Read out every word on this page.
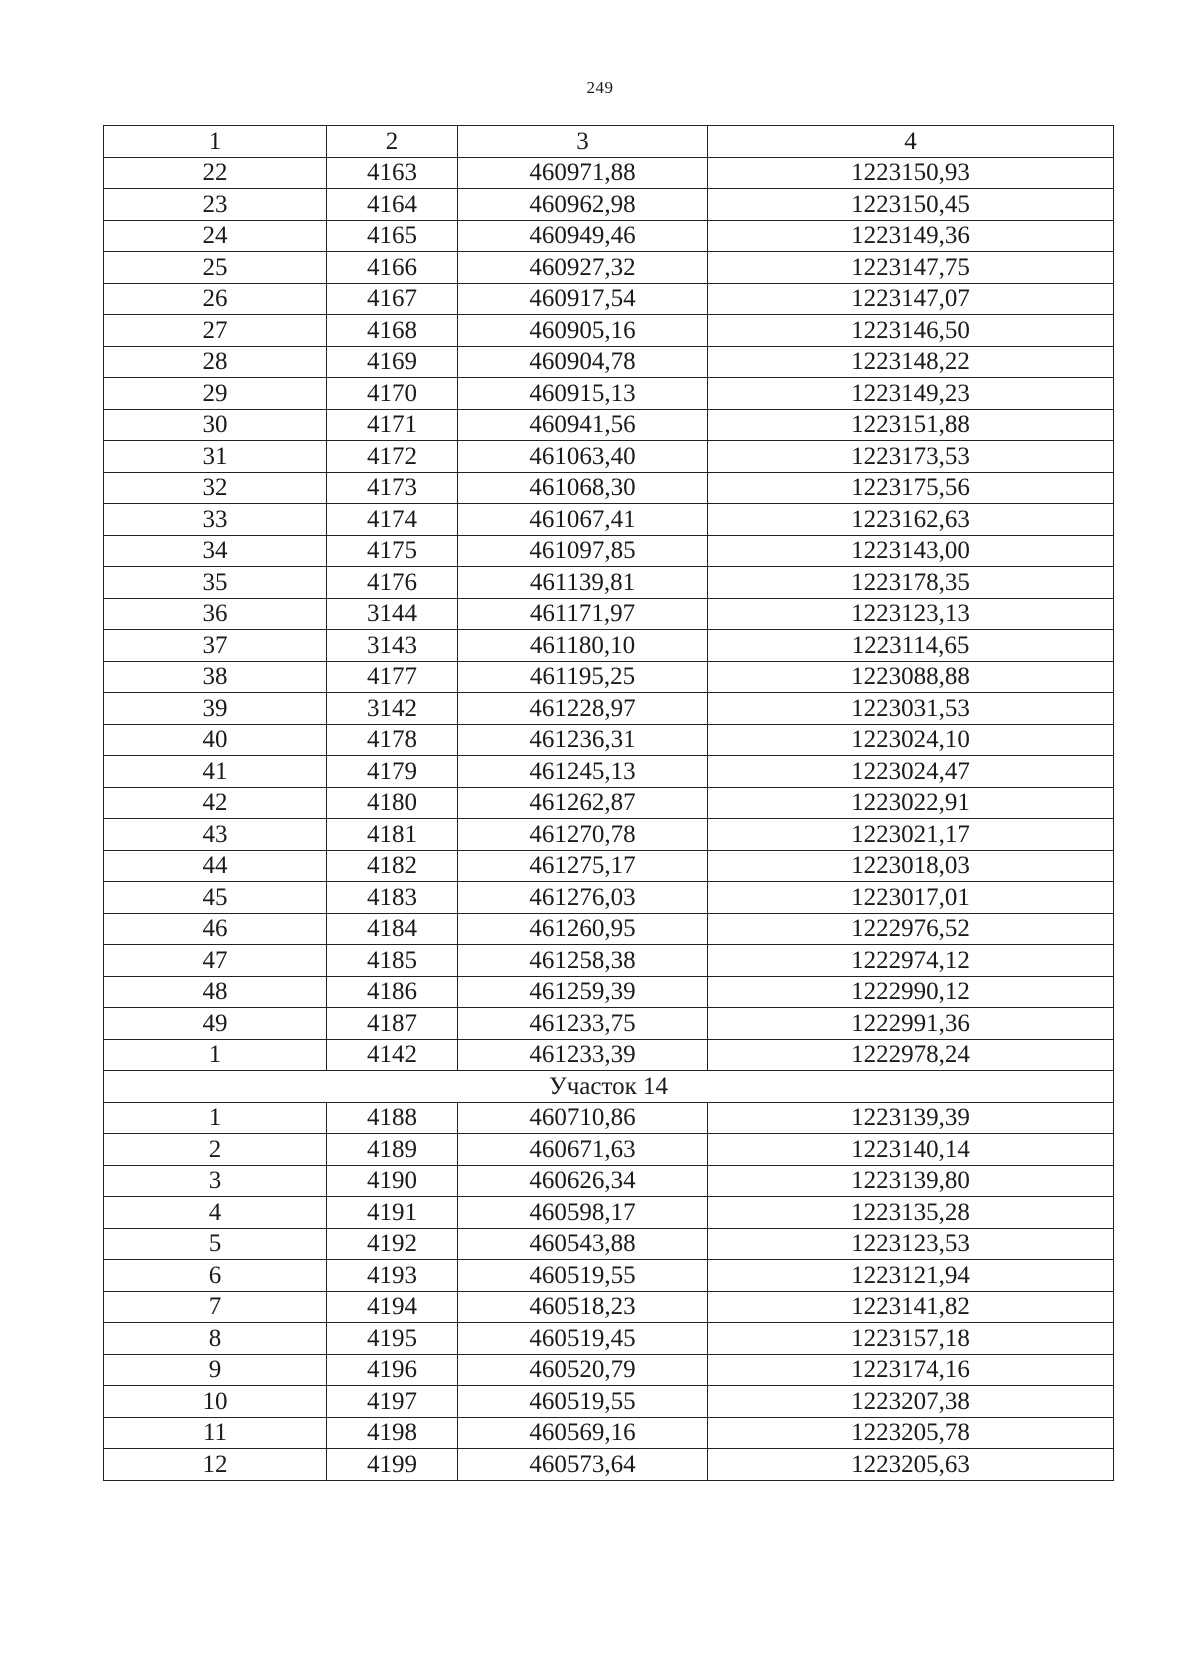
249
1	2	3	4
22	4163	460971,88	1223150,93
23	4164	460962,98	1223150,45
24	4165	460949,46	1223149,36
25	4166	460927,32	1223147,75
26	4167	460917,54	1223147,07
27	4168	460905,16	1223146,50
28	4169	460904,78	1223148,22
29	4170	460915,13	1223149,23
30	4171	460941,56	1223151,88
31	4172	461063,40	1223173,53
32	4173	461068,30	1223175,56
33	4174	461067,41	1223162,63
34	4175	461097,85	1223143,00
35	4176	461139,81	1223178,35
36	3144	461171,97	1223123,13
37	3143	461180,10	1223114,65
38	4177	461195,25	1223088,88
39	3142	461228,97	1223031,53
40	4178	461236,31	1223024,10
41	4179	461245,13	1223024,47
42	4180	461262,87	1223022,91
43	4181	461270,78	1223021,17
44	4182	461275,17	1223018,03
45	4183	461276,03	1223017,01
46	4184	461260,95	1222976,52
47	4185	461258,38	1222974,12
48	4186	461259,39	1222990,12
49	4187	461233,75	1222991,36
1	4142	461233,39	1222978,24
Участок 14			
1	4188	460710,86	1223139,39
2	4189	460671,63	1223140,14
3	4190	460626,34	1223139,80
4	4191	460598,17	1223135,28
5	4192	460543,88	1223123,53
6	4193	460519,55	1223121,94
7	4194	460518,23	1223141,82
8	4195	460519,45	1223157,18
9	4196	460520,79	1223174,16
10	4197	460519,55	1223207,38
11	4198	460569,16	1223205,78
12	4199	460573,64	1223205,63
